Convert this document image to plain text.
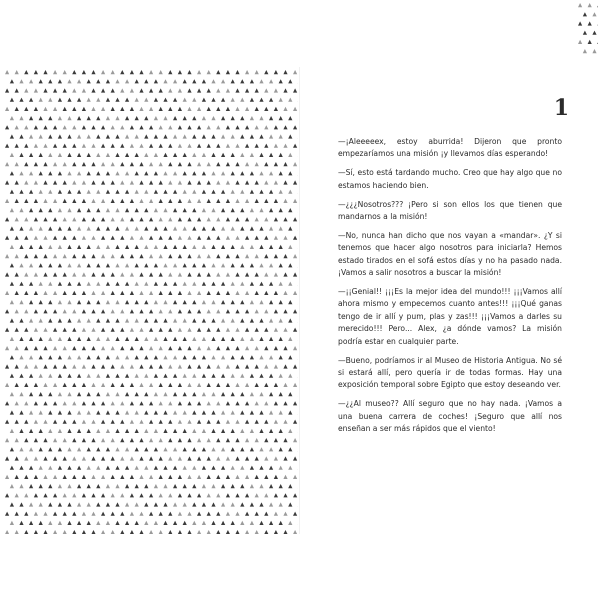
1

—¡Aleeeeex, estoy aburrida! Dijeron que pronto empezaríamos una misión ¡y llevamos días esperando!

—Sí, esto está tardando mucho. Creo que hay algo que no estamos haciendo bien.

—¿¿¿Nosotros??? ¡Pero si son ellos los que tienen que mandarnos a la misión!

—No, nunca han dicho que nos vayan a «mandar». ¿Y si tenemos que hacer algo nosotros para iniciarla? Hemos estado tirados en el sofá estos días y no ha pasado nada. ¡Vamos a salir nosotros a buscar la misión!

—¡¡Genial!! ¡¡¡Es la mejor idea del mundo!!! ¡¡¡Vamos allí ahora mismo y empecemos cuanto antes!!! ¡¡¡Qué ganas tengo de ir allí y pum, plas y zas!!! ¡¡¡Vamos a darles su merecido!!! Pero... Alex, ¿a dónde vamos? La misión podría estar en cualquier parte.

—Bueno, podríamos ir al Museo de Historia Antigua. No sé si estará allí, pero quería ir de todas formas. Hay una exposición temporal sobre Egipto que estoy deseando ver.

—¿¿Al museo?? Allí seguro que no hay nada. ¡Vamos a una buena carrera de coches! ¡Seguro que allí nos enseñan a ser más rápidos que el viento!
